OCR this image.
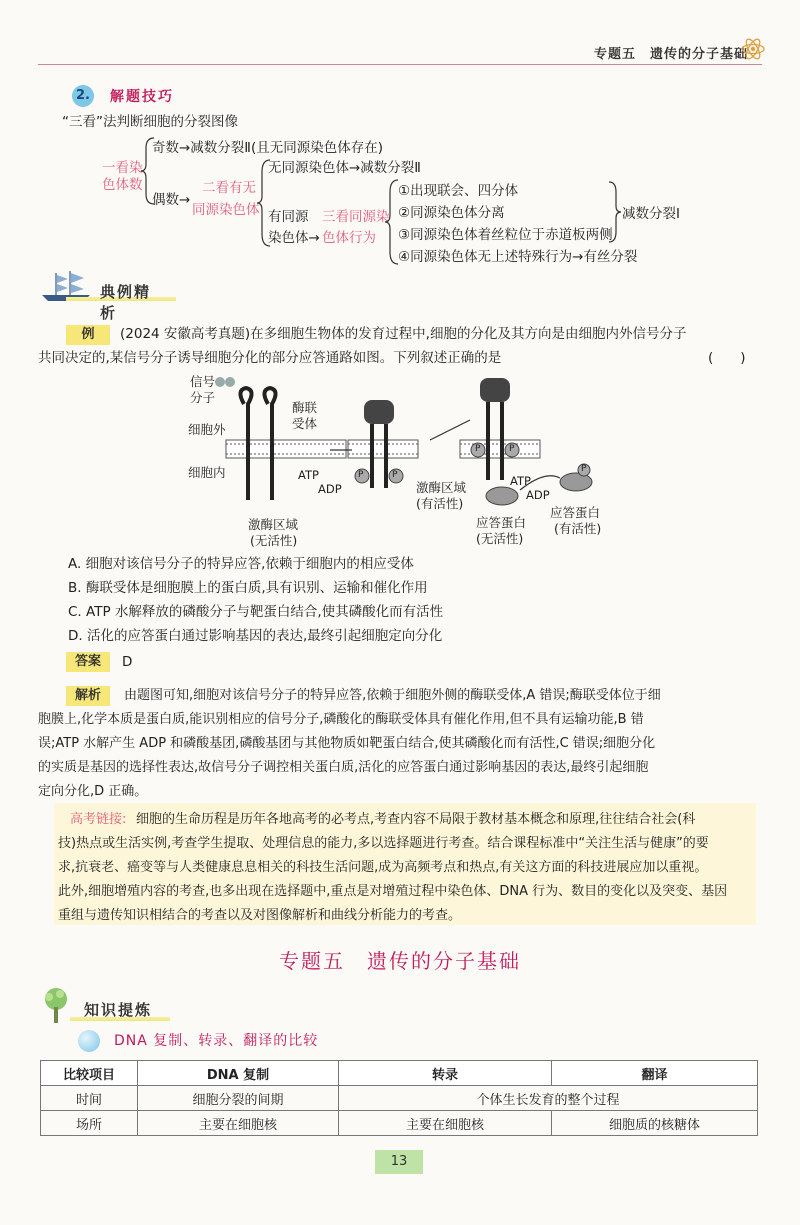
专题五　遗传的分子基础
2. 解题技巧
“三看”法判断细胞的分裂图像
一看染
色体数
奇数→减数分裂Ⅱ(且无同源染色体存在)
偶数→
二看有无
同源染色体
无同源染色体→减数分裂Ⅱ
有同源
染色体→
三看同源染
色体行为
①出现联会、四分体
②同源染色体分离
③同源染色体着丝粒位于赤道板两侧
④同源染色体无上述特殊行为→有丝分裂
减数分裂Ⅰ
典例精析
例	(2024 安徽高考真题)在多细胞生物体的发育过程中,细胞的分化及其方向是由细胞内外信号分子
共同决定的,某信号分子诱导细胞分化的部分应答通路如图。下列叙述正确的是	(　　)
信号
分子
酶联
受体
细胞外
细胞内	ATP
ADP
激酶区域
(无活性)
激酶区域
(有活性)
ATP
ADP
应答蛋白
(无活性)
应答蛋白
(有活性)
P	P
P	P
P
A. 细胞对该信号分子的特异应答,依赖于细胞内的相应受体
B. 酶联受体是细胞膜上的蛋白质,具有识别、运输和催化作用
C. ATP 水解释放的磷酸分子与靶蛋白结合,使其磷酸化而有活性
D. 活化的应答蛋白通过影响基因的表达,最终引起细胞定向分化
答案	D
解析	由题图可知,细胞对该信号分子的特异应答,依赖于细胞外侧的酶联受体,A 错误;酶联受体位于细
胞膜上,化学本质是蛋白质,能识别相应的信号分子,磷酸化的酶联受体具有催化作用,但不具有运输功能,B 错
误;ATP 水解产生 ADP 和磷酸基团,磷酸基团与其他物质如靶蛋白结合,使其磷酸化而有活性,C 错误;细胞分化
的实质是基因的选择性表达,故信号分子调控相关蛋白质,活化的应答蛋白通过影响基因的表达,最终引起细胞
定向分化,D 正确。
高考链接: 细胞的生命历程是历年各地高考的必考点,考查内容不局限于教材基本概念和原理,往往结合社会(科
技)热点或生活实例,考查学生提取、处理信息的能力,多以选择题进行考查。结合课程标准中“关注生活与健康”的要
求,抗衰老、癌变等与人类健康息息相关的科技生活问题,成为高频考点和热点,有关这方面的科技进展应加以重视。
此外,细胞增殖内容的考查,也多出现在选择题中,重点是对增殖过程中染色体、DNA 行为、数目的变化以及突变、基因
重组与遗传知识相结合的考查以及对图像解析和曲线分析能力的考查。
专题五　遗传的分子基础
知识提炼
DNA 复制、转录、翻译的比较
比较项目	DNA 复制	转录	翻译
时间	细胞分裂的间期	个体生长发育的整个过程	
场所	主要在细胞核	主要在细胞核	细胞质的核糖体
13
